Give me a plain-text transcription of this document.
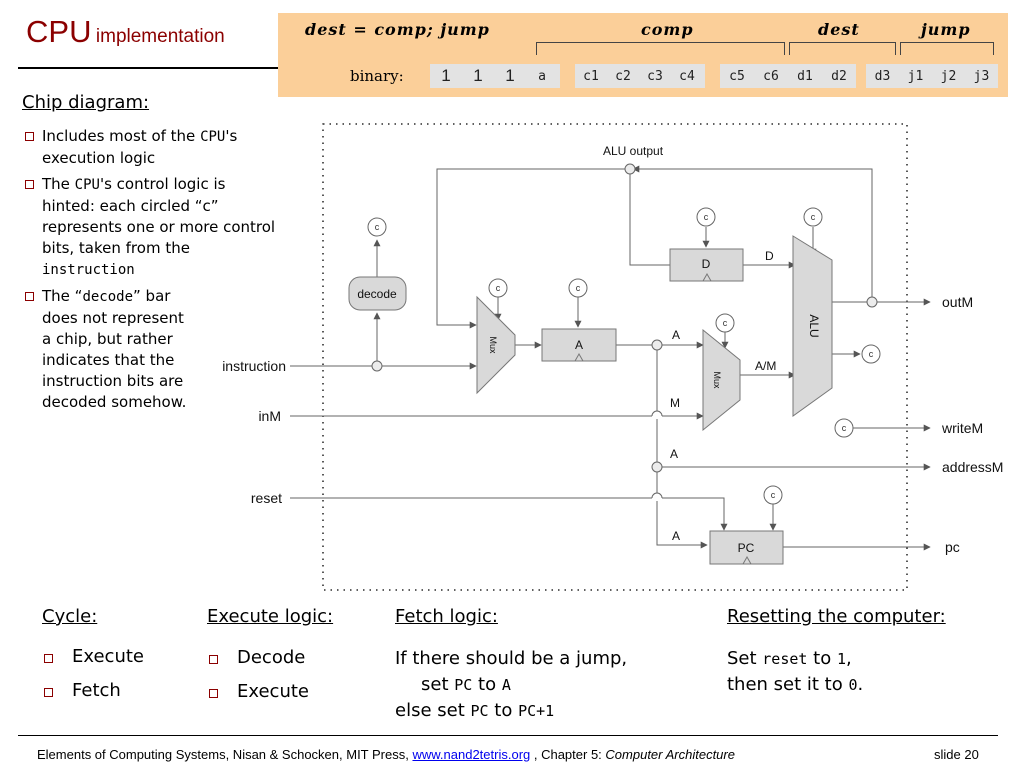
CPU implementation	dest = comp; jump	comp	dest	jump
binary:	1	1	1	a	c1	c2	c3	c4	c5	c6	d1	d2	d3	j1	j2	j3
Chip diagram:
Includes most of the CPU's execution logic
The CPU's control logic is hinted: each circled “c” represents one or more control bits, taken from the instruction
The “decode” bar does not represent a chip, but rather indicates that the instruction bits are decoded somehow.
c
c	c
c	c
c
c
c
c
decode
A
D
PC
Mux
Mux
ALU
ALU output
D
A
A/M
M
A
A
instruction
inM
reset
outM
writeM
addressM
pc
Cycle:
Execute
Fetch
Execute logic:
Decode
Execute
Fetch logic:
If there should be a jump,
set PC to A
else set PC to PC+1
Resetting the computer:
Set reset to 1,
then set it to 0.
Elements of Computing Systems, Nisan & Schocken, MIT Press, www.nand2tetris.org , Chapter 5: Computer Architecture	slide 20
